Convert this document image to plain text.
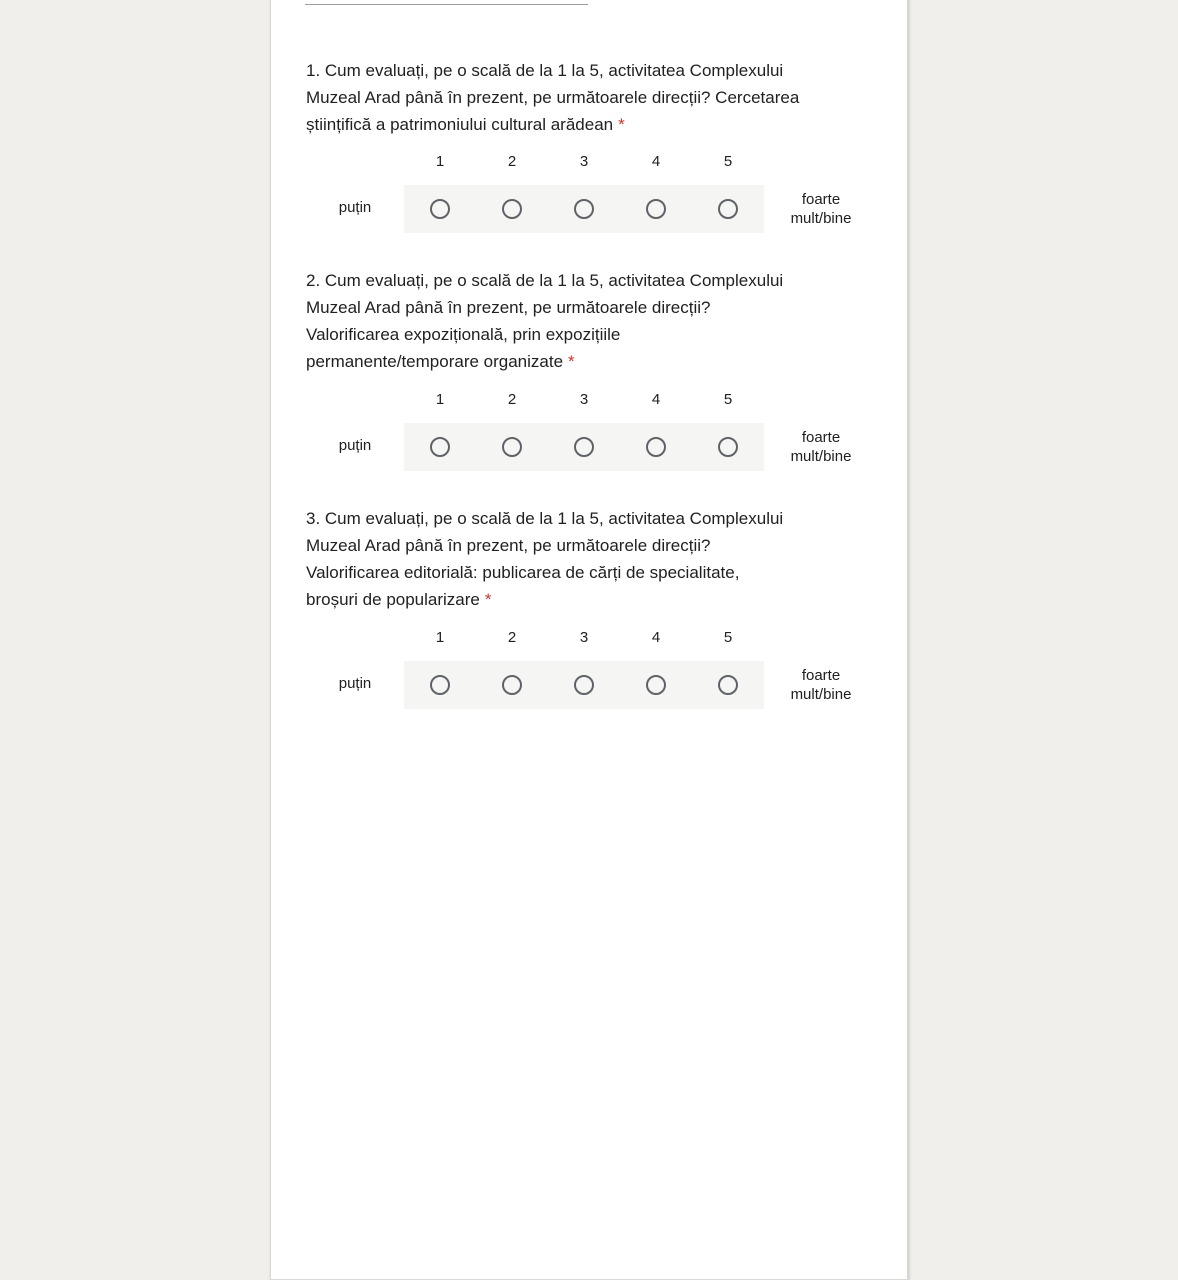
1. Cum evaluați, pe o scală de la 1 la 5, activitatea Complexului
Muzeal Arad până în prezent, pe următoarele direcții? Cercetarea
științifică a patrimoniului cultural arădean *
1	2	3	4	5
puțin	foarte mult/bine
2. Cum evaluați, pe o scală de la 1 la 5, activitatea Complexului
Muzeal Arad până în prezent, pe următoarele direcții?
Valorificarea expozițională, prin expozițiile
permanente/temporare organizate *
1	2	3	4	5
puțin	foarte mult/bine
3. Cum evaluați, pe o scală de la 1 la 5, activitatea Complexului
Muzeal Arad până în prezent, pe următoarele direcții?
Valorificarea editorială: publicarea de cărți de specialitate,
broșuri de popularizare *
1	2	3	4	5
puțin	foarte mult/bine
